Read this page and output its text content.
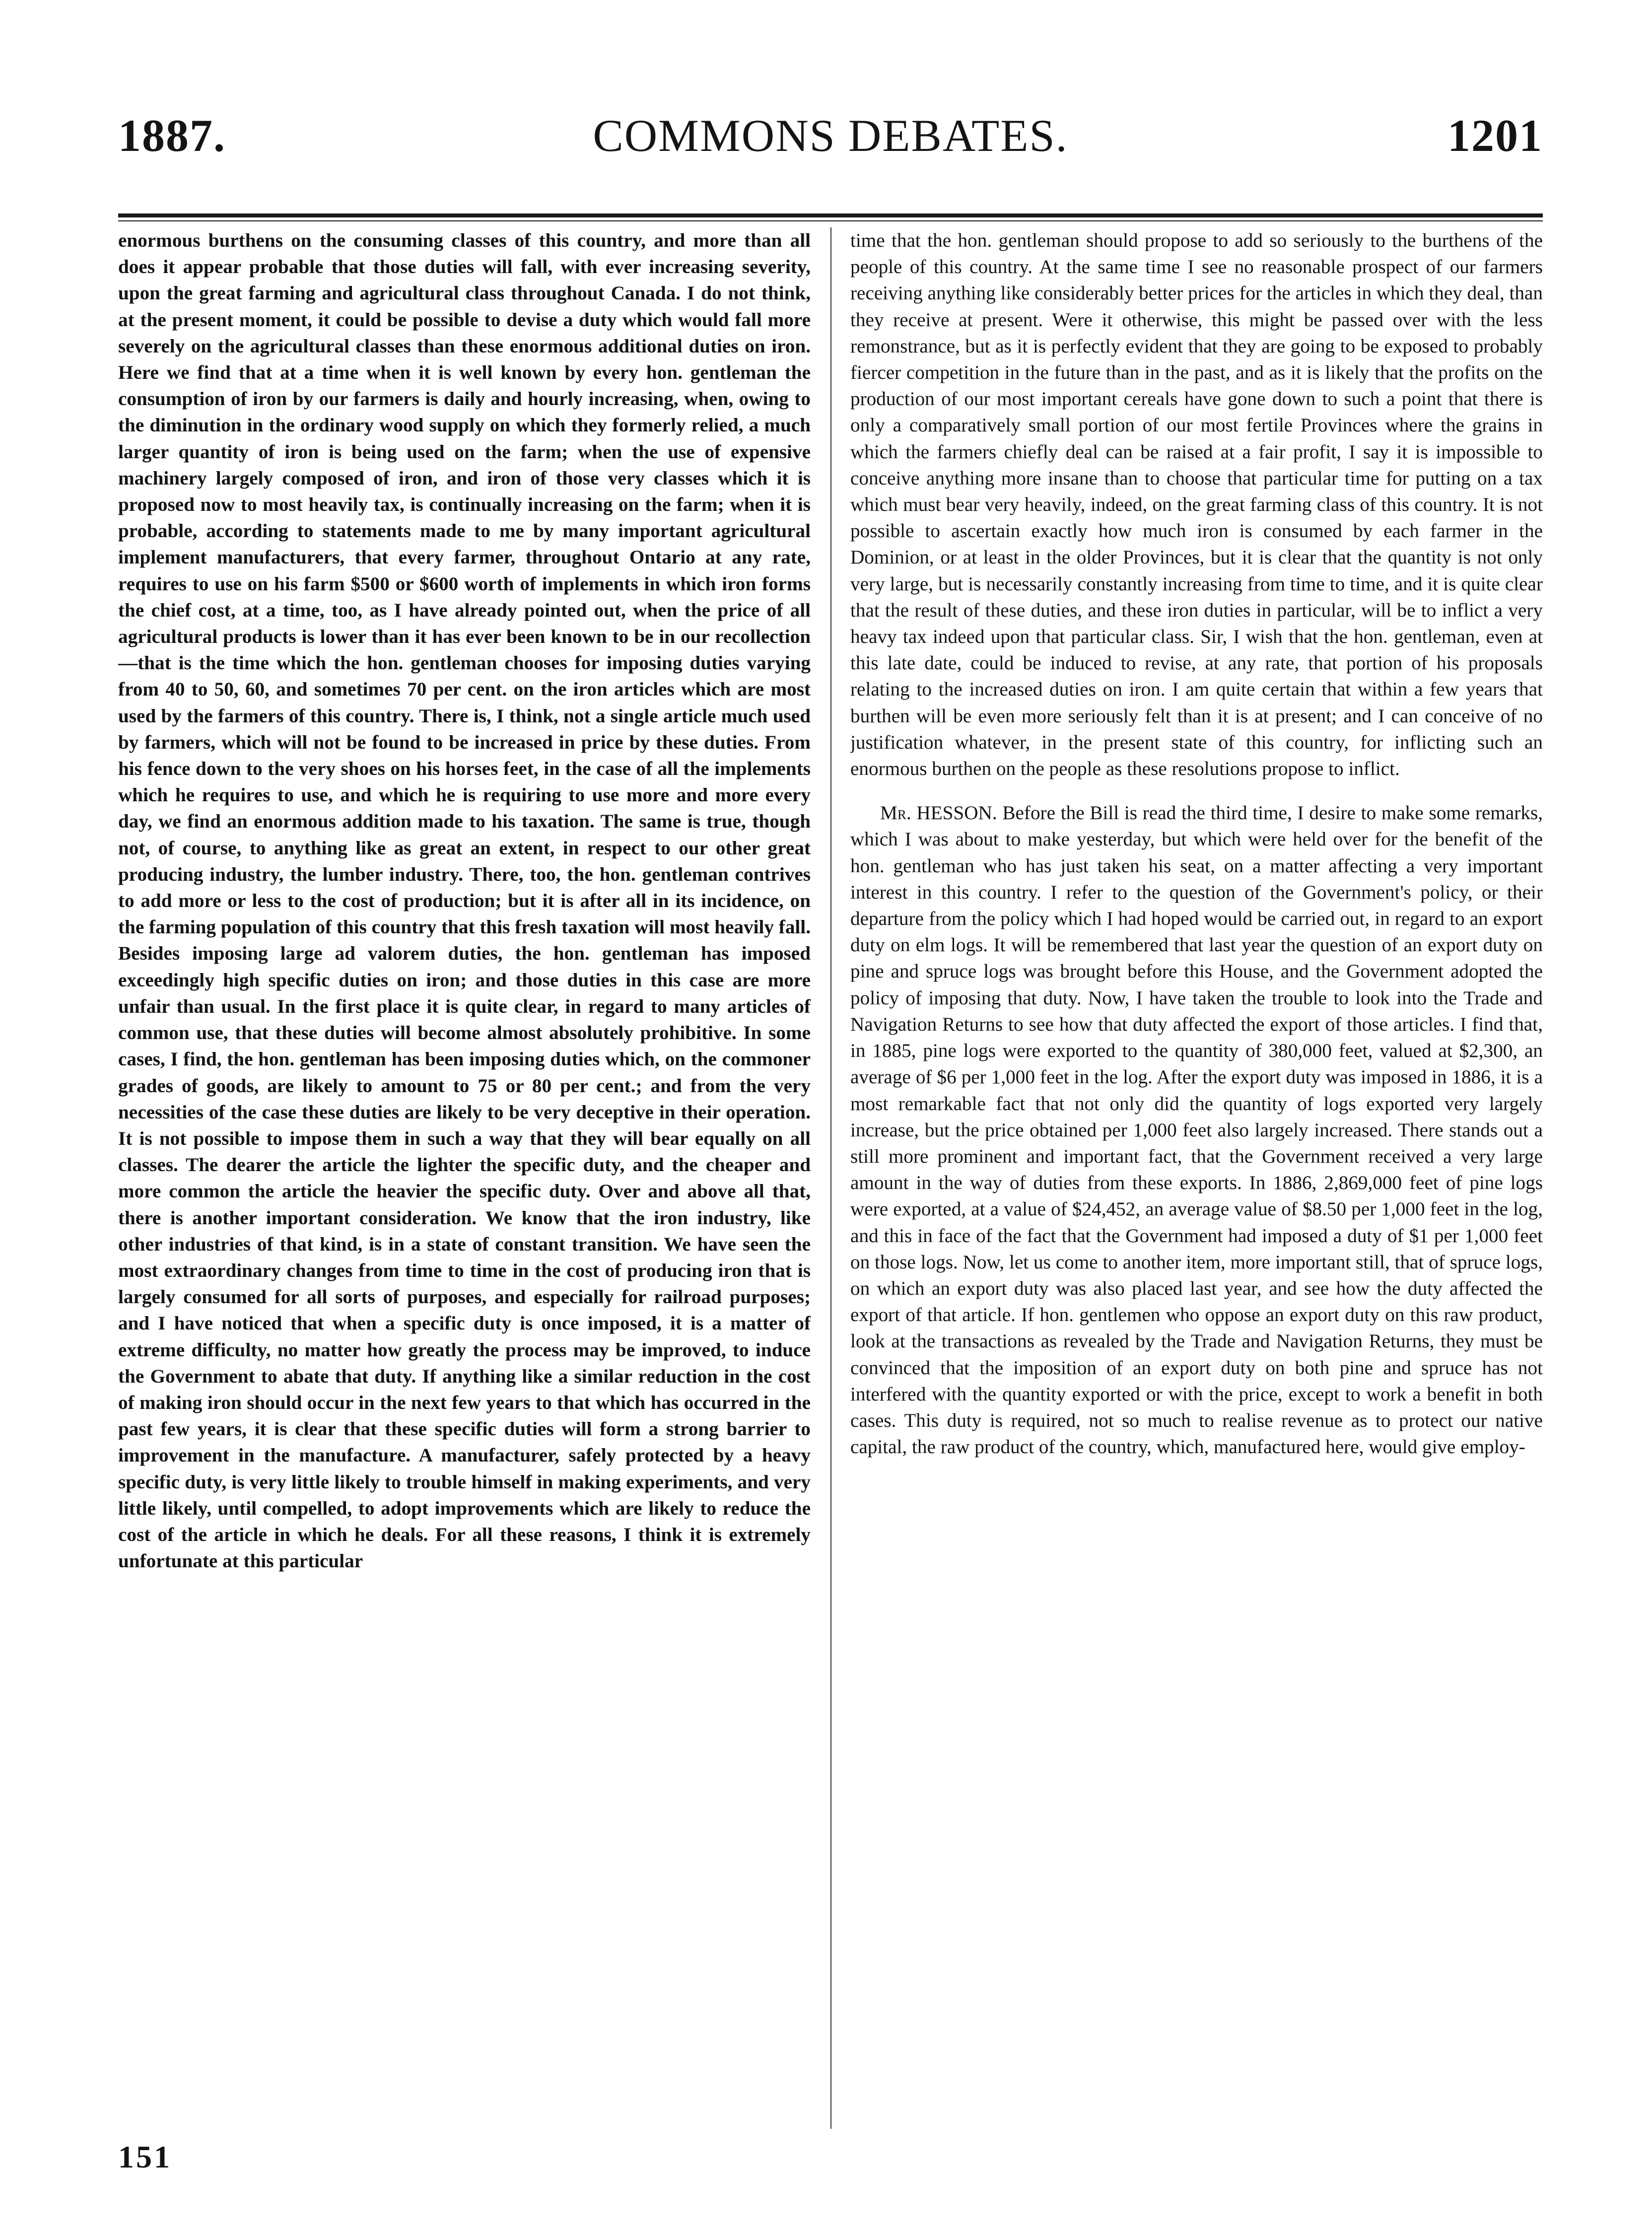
1887.	COMMONS DEBATES.	1201

enormous burthens on the consuming classes of this country, and more than all does it appear probable that those duties will fall, with ever increasing severity, upon the great farming and agricultural class throughout Canada. I do not think, at the present moment, it could be possible to devise a duty which would fall more severely on the agricultural classes than these enormous additional duties on iron. Here we find that at a time when it is well known by every hon. gentleman the consumption of iron by our farmers is daily and hourly increasing, when, owing to the diminution in the ordinary wood supply on which they formerly relied, a much larger quantity of iron is being used on the farm; when the use of expensive machinery largely composed of iron, and iron of those very classes which it is proposed now to most heavily tax, is continually increasing on the farm; when it is probable, according to statements made to me by many important agricultural implement manufacturers, that every farmer, throughout Ontario at any rate, requires to use on his farm $500 or $600 worth of implements in which iron forms the chief cost, at a time, too, as I have already pointed out, when the price of all agricultural products is lower than it has ever been known to be in our recollection —that is the time which the hon. gentleman chooses for imposing duties varying from 40 to 50, 60, and sometimes 70 per cent. on the iron articles which are most used by the farmers of this country. There is, I think, not a single article much used by farmers, which will not be found to be increased in price by these duties. From his fence down to the very shoes on his horses feet, in the case of all the implements which he requires to use, and which he is requiring to use more and more every day, we find an enormous addition made to his taxation. The same is true, though not, of course, to anything like as great an extent, in respect to our other great producing industry, the lumber industry. There, too, the hon. gentleman contrives to add more or less to the cost of production; but it is after all in its incidence, on the farming population of this country that this fresh taxation will most heavily fall. Besides imposing large ad valorem duties, the hon. gentleman has imposed exceedingly high specific duties on iron; and those duties in this case are more unfair than usual. In the first place it is quite clear, in regard to many articles of common use, that these duties will become almost absolutely prohibitive. In some cases, I find, the hon. gentleman has been imposing duties which, on the commoner grades of goods, are likely to amount to 75 or 80 per cent.; and from the very necessities of the case these duties are likely to be very deceptive in their operation. It is not possible to impose them in such a way that they will bear equally on all classes. The dearer the article the lighter the specific duty, and the cheaper and more common the article the heavier the specific duty. Over and above all that, there is another important consideration. We know that the iron industry, like other industries of that kind, is in a state of constant transition. We have seen the most extraordinary changes from time to time in the cost of producing iron that is largely consumed for all sorts of purposes, and especially for railroad purposes; and I have noticed that when a specific duty is once imposed, it is a matter of extreme difficulty, no matter how greatly the process may be improved, to induce the Government to abate that duty. If anything like a similar reduction in the cost of making iron should occur in the next few years to that which has occurred in the past few years, it is clear that these specific duties will form a strong barrier to improvement in the manufacture. A manufacturer, safely protected by a heavy specific duty, is very little likely to trouble himself in making experiments, and very little likely, until compelled, to adopt improvements which are likely to reduce the cost of the article in which he deals. For all these reasons, I think it is extremely unfortunate at this particular

time that the hon. gentleman should propose to add so seriously to the burthens of the people of this country. At the same time I see no reasonable prospect of our farmers receiving anything like considerably better prices for the articles in which they deal, than they receive at present. Were it otherwise, this might be passed over with the less remonstrance, but as it is perfectly evident that they are going to be exposed to probably fiercer competition in the future than in the past, and as it is likely that the profits on the production of our most important cereals have gone down to such a point that there is only a comparatively small portion of our most fertile Provinces where the grains in which the farmers chiefly deal can be raised at a fair profit, I say it is impossible to conceive anything more insane than to choose that particular time for putting on a tax which must bear very heavily, indeed, on the great farming class of this country. It is not possible to ascertain exactly how much iron is consumed by each farmer in the Dominion, or at least in the older Provinces, but it is clear that the quantity is not only very large, but is necessarily constantly increasing from time to time, and it is quite clear that the result of these duties, and these iron duties in particular, will be to inflict a very heavy tax indeed upon that particular class. Sir, I wish that the hon. gentleman, even at this late date, could be induced to revise, at any rate, that portion of his proposals relating to the increased duties on iron. I am quite certain that within a few years that burthen will be even more seriously felt than it is at present; and I can conceive of no justification whatever, in the present state of this country, for inflicting such an enormous burthen on the people as these resolutions propose to inflict.

Mr. HESSON. Before the Bill is read the third time, I desire to make some remarks, which I was about to make yesterday, but which were held over for the benefit of the hon. gentleman who has just taken his seat, on a matter affecting a very important interest in this country. I refer to the question of the Government's policy, or their departure from the policy which I had hoped would be carried out, in regard to an export duty on elm logs. It will be remembered that last year the question of an export duty on pine and spruce logs was brought before this House, and the Government adopted the policy of imposing that duty. Now, I have taken the trouble to look into the Trade and Navigation Returns to see how that duty affected the export of those articles. I find that, in 1885, pine logs were exported to the quantity of 380,000 feet, valued at $2,300, an average of $6 per 1,000 feet in the log. After the export duty was imposed in 1886, it is a most remarkable fact that not only did the quantity of logs exported very largely increase, but the price obtained per 1,000 feet also largely increased. There stands out a still more prominent and important fact, that the Government received a very large amount in the way of duties from these exports. In 1886, 2,869,000 feet of pine logs were exported, at a value of $24,452, an average value of $8.50 per 1,000 feet in the log, and this in face of the fact that the Government had imposed a duty of $1 per 1,000 feet on those logs. Now, let us come to another item, more important still, that of spruce logs, on which an export duty was also placed last year, and see how the duty affected the export of that article. If hon. gentlemen who oppose an export duty on this raw product, look at the transactions as revealed by the Trade and Navigation Returns, they must be convinced that the imposition of an export duty on both pine and spruce has not interfered with the quantity exported or with the price, except to work a benefit in both cases. This duty is required, not so much to realise revenue as to protect our native capital, the raw product of the country, which, manufactured here, would give employ-

151
